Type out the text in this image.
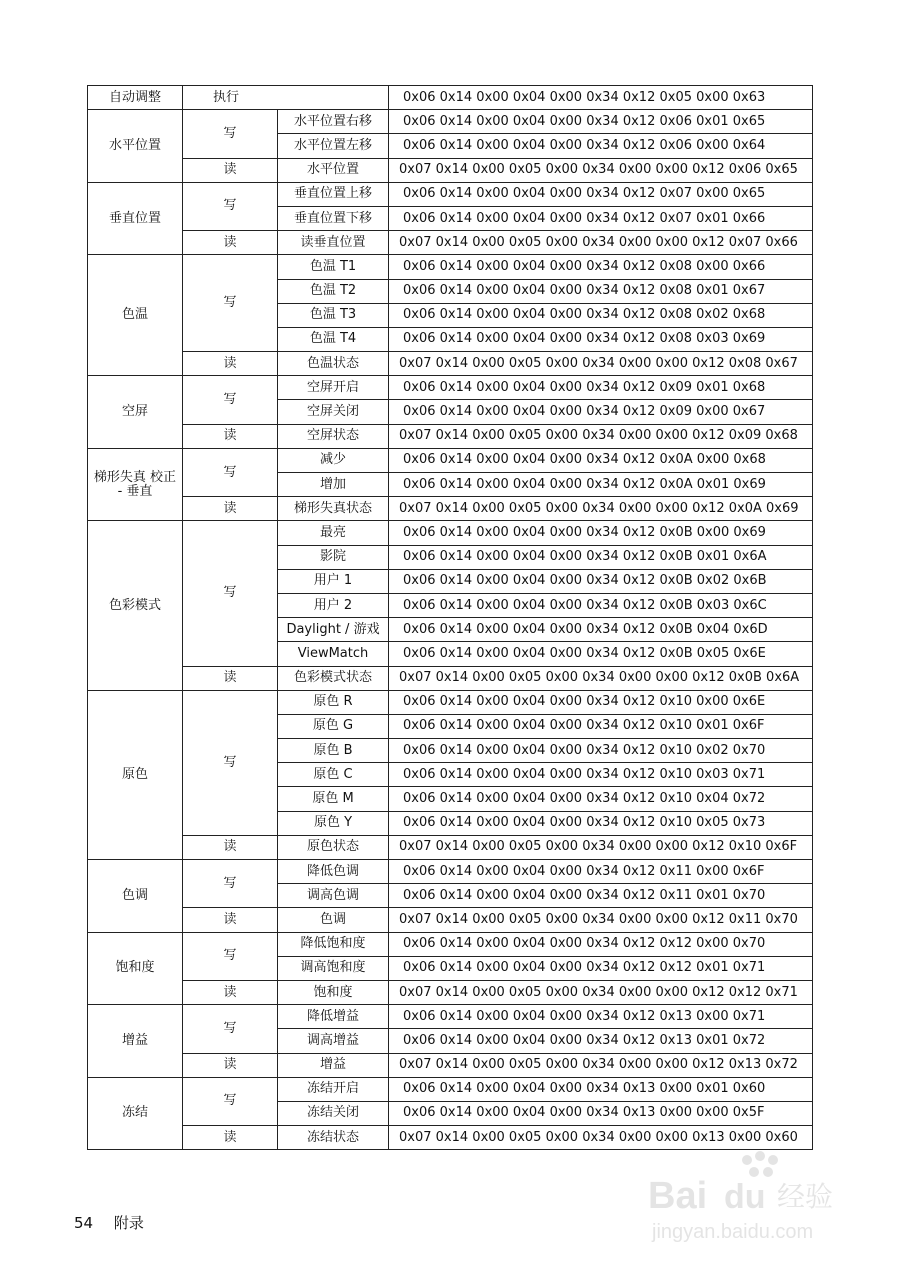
自动调整	执行		0x06 0x14 0x00 0x04 0x00 0x34 0x12 0x05 0x00 0x63
水平位置	写	水平位置右移	0x06 0x14 0x00 0x04 0x00 0x34 0x12 0x06 0x01 0x65
		水平位置左移	0x06 0x14 0x00 0x04 0x00 0x34 0x12 0x06 0x00 0x64
	读	水平位置	0x07 0x14 0x00 0x05 0x00 0x34 0x00 0x00 0x12 0x06 0x65
垂直位置	写	垂直位置上移	0x06 0x14 0x00 0x04 0x00 0x34 0x12 0x07 0x00 0x65
		垂直位置下移	0x06 0x14 0x00 0x04 0x00 0x34 0x12 0x07 0x01 0x66
	读	读垂直位置	0x07 0x14 0x00 0x05 0x00 0x34 0x00 0x00 0x12 0x07 0x66
色温	写	色温 T1	0x06 0x14 0x00 0x04 0x00 0x34 0x12 0x08 0x00 0x66
		色温 T2	0x06 0x14 0x00 0x04 0x00 0x34 0x12 0x08 0x01 0x67
		色温 T3	0x06 0x14 0x00 0x04 0x00 0x34 0x12 0x08 0x02 0x68
		色温 T4	0x06 0x14 0x00 0x04 0x00 0x34 0x12 0x08 0x03 0x69
	读	色温状态	0x07 0x14 0x00 0x05 0x00 0x34 0x00 0x00 0x12 0x08 0x67
空屏	写	空屏开启	0x06 0x14 0x00 0x04 0x00 0x34 0x12 0x09 0x01 0x68
		空屏关闭	0x06 0x14 0x00 0x04 0x00 0x34 0x12 0x09 0x00 0x67
	读	空屏状态	0x07 0x14 0x00 0x05 0x00 0x34 0x00 0x00 0x12 0x09 0x68
梯形失真 校正 - 垂直	写	减少	0x06 0x14 0x00 0x04 0x00 0x34 0x12 0x0A 0x00 0x68
		增加	0x06 0x14 0x00 0x04 0x00 0x34 0x12 0x0A 0x01 0x69
	读	梯形失真状态	0x07 0x14 0x00 0x05 0x00 0x34 0x00 0x00 0x12 0x0A 0x69
色彩模式	写	最亮	0x06 0x14 0x00 0x04 0x00 0x34 0x12 0x0B 0x00 0x69
		影院	0x06 0x14 0x00 0x04 0x00 0x34 0x12 0x0B 0x01 0x6A
		用户 1	0x06 0x14 0x00 0x04 0x00 0x34 0x12 0x0B 0x02 0x6B
		用户 2	0x06 0x14 0x00 0x04 0x00 0x34 0x12 0x0B 0x03 0x6C
		Daylight / 游戏	0x06 0x14 0x00 0x04 0x00 0x34 0x12 0x0B 0x04 0x6D
		ViewMatch	0x06 0x14 0x00 0x04 0x00 0x34 0x12 0x0B 0x05 0x6E
	读	色彩模式状态	0x07 0x14 0x00 0x05 0x00 0x34 0x00 0x00 0x12 0x0B 0x6A
原色	写	原色 R	0x06 0x14 0x00 0x04 0x00 0x34 0x12 0x10 0x00 0x6E
		原色 G	0x06 0x14 0x00 0x04 0x00 0x34 0x12 0x10 0x01 0x6F
		原色 B	0x06 0x14 0x00 0x04 0x00 0x34 0x12 0x10 0x02 0x70
		原色 C	0x06 0x14 0x00 0x04 0x00 0x34 0x12 0x10 0x03 0x71
		原色 M	0x06 0x14 0x00 0x04 0x00 0x34 0x12 0x10 0x04 0x72
		原色 Y	0x06 0x14 0x00 0x04 0x00 0x34 0x12 0x10 0x05 0x73
	读	原色状态	0x07 0x14 0x00 0x05 0x00 0x34 0x00 0x00 0x12 0x10 0x6F
色调	写	降低色调	0x06 0x14 0x00 0x04 0x00 0x34 0x12 0x11 0x00 0x6F
		调高色调	0x06 0x14 0x00 0x04 0x00 0x34 0x12 0x11 0x01 0x70
	读	色调	0x07 0x14 0x00 0x05 0x00 0x34 0x00 0x00 0x12 0x11 0x70
饱和度	写	降低饱和度	0x06 0x14 0x00 0x04 0x00 0x34 0x12 0x12 0x00 0x70
		调高饱和度	0x06 0x14 0x00 0x04 0x00 0x34 0x12 0x12 0x01 0x71
	读	饱和度	0x07 0x14 0x00 0x05 0x00 0x34 0x00 0x00 0x12 0x12 0x71
增益	写	降低增益	0x06 0x14 0x00 0x04 0x00 0x34 0x12 0x13 0x00 0x71
		调高增益	0x06 0x14 0x00 0x04 0x00 0x34 0x12 0x13 0x01 0x72
	读	增益	0x07 0x14 0x00 0x05 0x00 0x34 0x00 0x00 0x12 0x13 0x72
冻结	写	冻结开启	0x06 0x14 0x00 0x04 0x00 0x34 0x13 0x00 0x01 0x60
		冻结关闭	0x06 0x14 0x00 0x04 0x00 0x34 0x13 0x00 0x00 0x5F
	读	冻结状态	0x07 0x14 0x00 0x05 0x00 0x34 0x00 0x00 0x13 0x00 0x60
54 附录
Bai du 经验
jingyan.baidu.com
